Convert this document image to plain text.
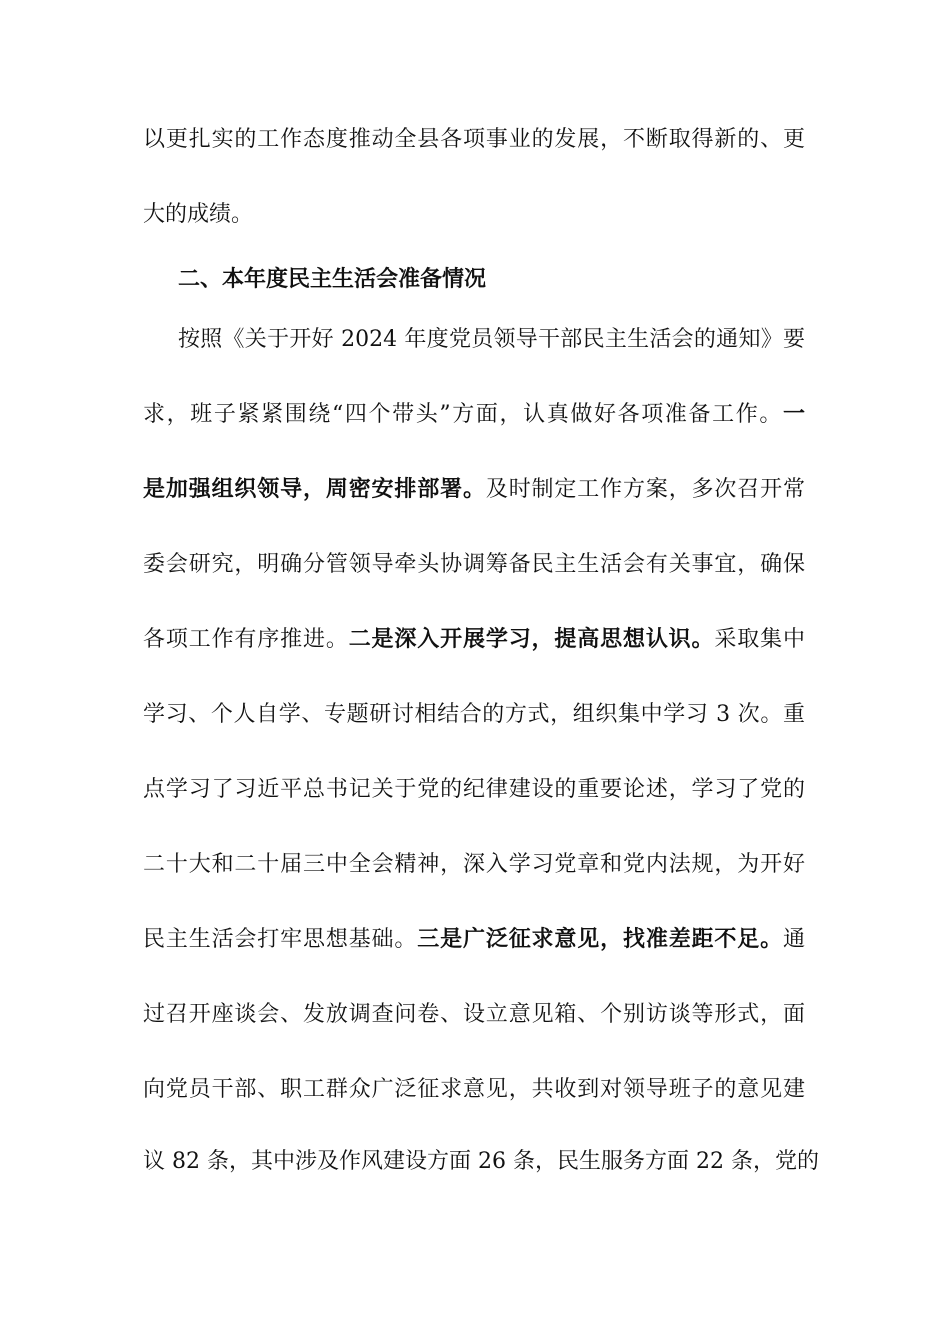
以更扎实的工作态度推动全县各项事业的发展，不断取得新的、更
大的成绩。
二、本年度民主生活会准备情况
按照《关于开好 2024 年度党员领导干部民主生活会的通知》要
求，班子紧紧围绕“四个带头”方面，认真做好各项准备工作。一
是加强组织领导，周密安排部署。及时制定工作方案，多次召开常
委会研究，明确分管领导牵头协调筹备民主生活会有关事宜，确保
各项工作有序推进。二是深入开展学习，提高思想认识。采取集中
学习、个人自学、专题研讨相结合的方式，组织集中学习 3 次。重
点学习了习近平总书记关于党的纪律建设的重要论述，学习了党的
二十大和二十届三中全会精神，深入学习党章和党内法规，为开好
民主生活会打牢思想基础。三是广泛征求意见，找准差距不足。通
过召开座谈会、发放调查问卷、设立意见箱、个别访谈等形式，面
向党员干部、职工群众广泛征求意见，共收到对领导班子的意见建
议 82 条，其中涉及作风建设方面 26 条，民生服务方面 22 条，党的
